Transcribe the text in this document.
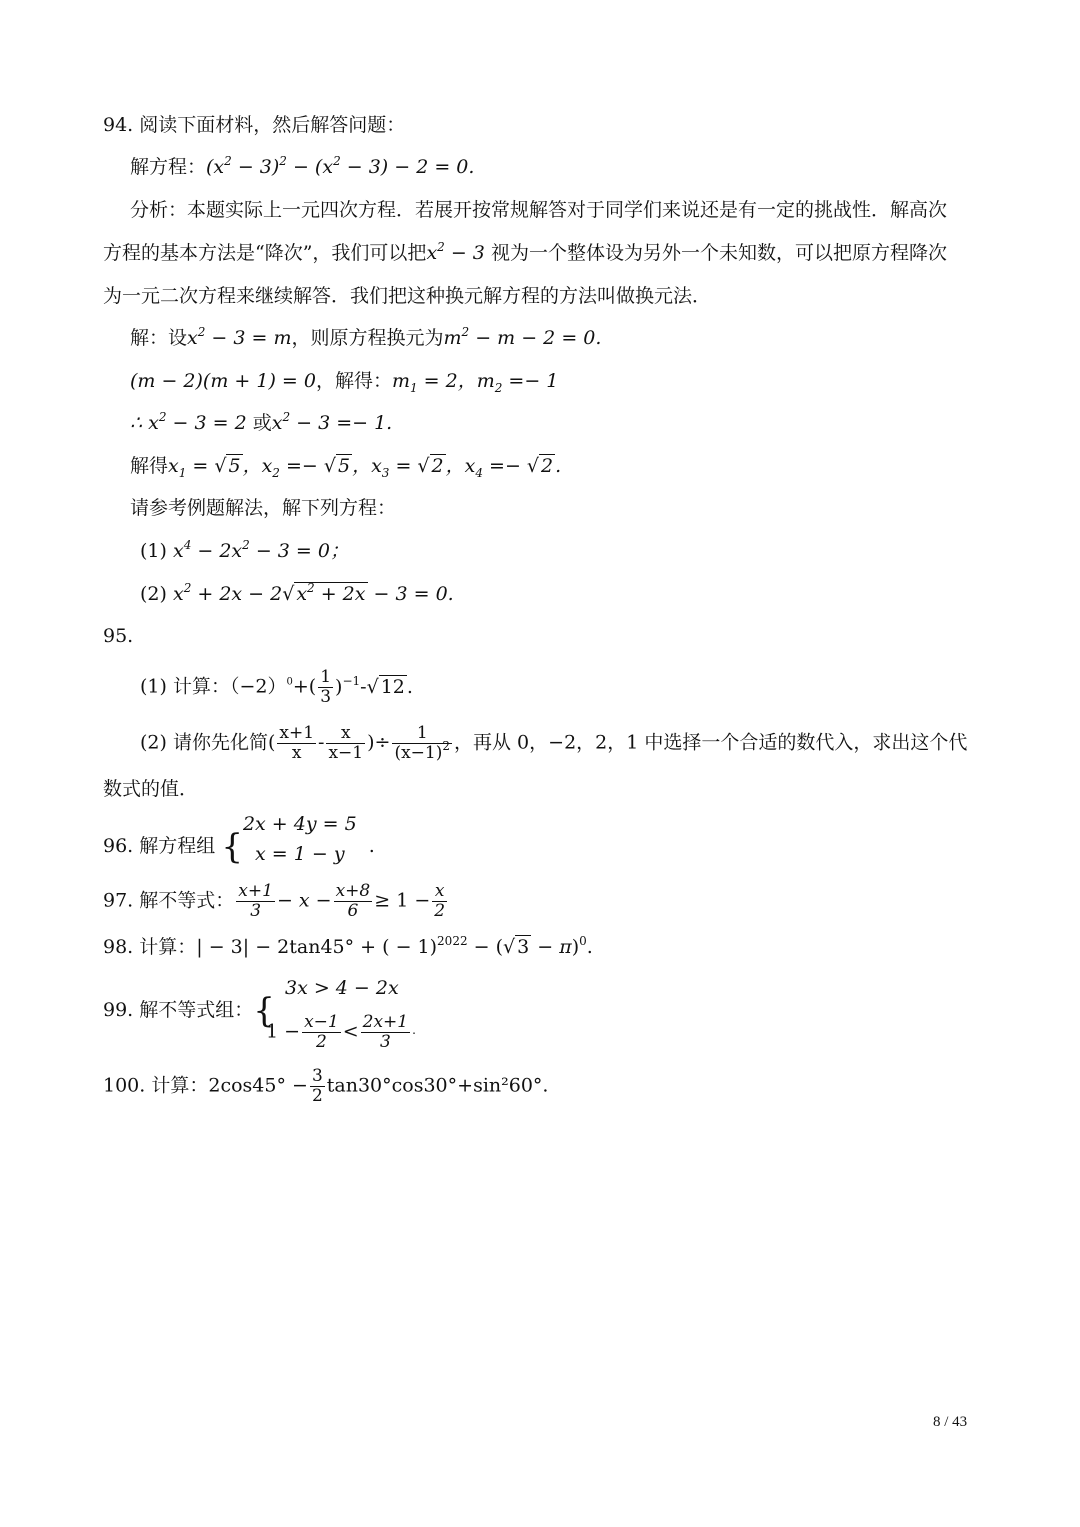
94. 阅读下面材料，然后解答问题：
解方程：$(x^2 - 3)^2 - (x^2 - 3) - 2 = 0$.
分析：本题实际上一元四次方程．若展开按常规解答对于同学们来说还是有一定的挑战性．解高次
方程的基本方法是“降次”，我们可以把$x^2 - 3$ 视为一个整体设为另外一个未知数，可以把原方程降次
为一元二次方程来继续解答．我们把这种换元解方程的方法叫做换元法．
解：设$x^2 - 3 = m$，则原方程换元为$m^2 - m - 2 = 0$.
(m − 2)(m + 1) = 0，解得：$m_1 = 2$，$m_2 =- 1$
∴ $x^2 - 3 = 2$ 或$x^2 - 3 =- 1$.
解得$x_1$ = √ 5 ，$x_2$ =− √ 5 ，$x_3$ = √ 2 ，$x_4$ =− √ 2 .
请参考例题解法，解下列方程：
(1) $x^4 - 2x^2 - 3 = 0$；
(2) $x^2 + 2x - 2√$ $x^2 + 2x - 3 = 0$.
95.
(1) 计算：$(-2)^0+( \frac{1}{3} )^{-1}-√$ 12 .
(2) 请你先化简( $\frac{x+1}{x} - \frac{x}{x-1}$ )÷ $\frac{1}{(x-1)^2}$ ，再从 0，−2，2，1 中选择一个合适的数代入，求出这个代
数式的值．
96. 解方程组 {
2x + 4y = 5
x = 1 − y .
97. 解不等式： $\frac{x+1}{3} - x - \frac{x+8}{6} \ge 1 - \frac{x}{2}$
98. 计算：| − 3| − 2tan45° + ( − 1)$^{2022}$ − (√ 3 − π)$^0$.
99. 解不等式组：{
3x > 4 − 2x
$1 - \frac{x-1}{2} < \frac{2x+1}{3}$ ·
100. 计算：$2\cos 45^\circ - \frac{3}{2} \tan 30^\circ\cos 30^\circ+\sin^260^\circ$.
8 / 43
